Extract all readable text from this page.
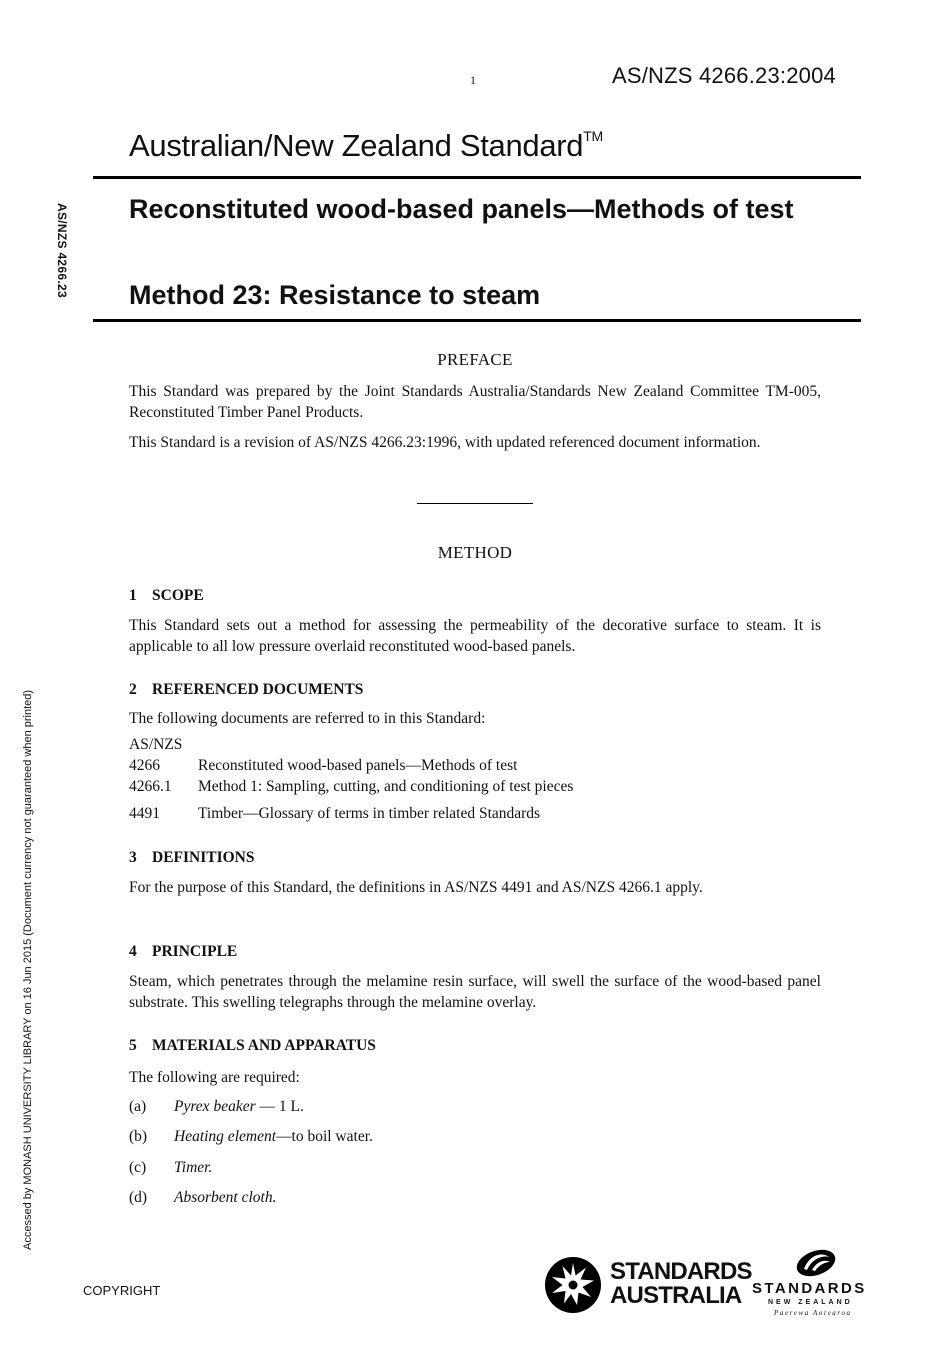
1	AS/NZS 4266.23:2004
Australian/New Zealand Standard™
Reconstituted wood-based panels—Methods of test
Method 23: Resistance to steam
AS/NZS 4266.23
Accessed by MONASH UNIVERSITY LIBRARY on 16 Jun 2015 (Document currency not guaranteed when printed)
PREFACE
This Standard was prepared by the Joint Standards Australia/Standards New Zealand Committee TM-005, Reconstituted Timber Panel Products.
This Standard is a revision of AS/NZS 4266.23:1996, with updated referenced document information.
METHOD
1 SCOPE
This Standard sets out a method for assessing the permeability of the decorative surface to steam. It is applicable to all low pressure overlaid reconstituted wood-based panels.
2 REFERENCED DOCUMENTS
The following documents are referred to in this Standard:
AS/NZS
4266 Reconstituted wood-based panels—Methods of test
4266.1 Method 1: Sampling, cutting, and conditioning of test pieces
4491 Timber—Glossary of terms in timber related Standards
3 DEFINITIONS
For the purpose of this Standard, the definitions in AS/NZS 4491 and AS/NZS 4266.1 apply.
4 PRINCIPLE
Steam, which penetrates through the melamine resin surface, will swell the surface of the wood-based panel substrate. This swelling telegraphs through the melamine overlay.
5 MATERIALS AND APPARATUS
The following are required:
(a) Pyrex beaker — 1 L.
(b) Heating element—to boil water.
(c) Timer.
(d) Absorbent cloth.
COPYRIGHT
STANDARDS
AUSTRALIA STANDARDS
NEW ZEALAND
Paerewa Aotearoa
